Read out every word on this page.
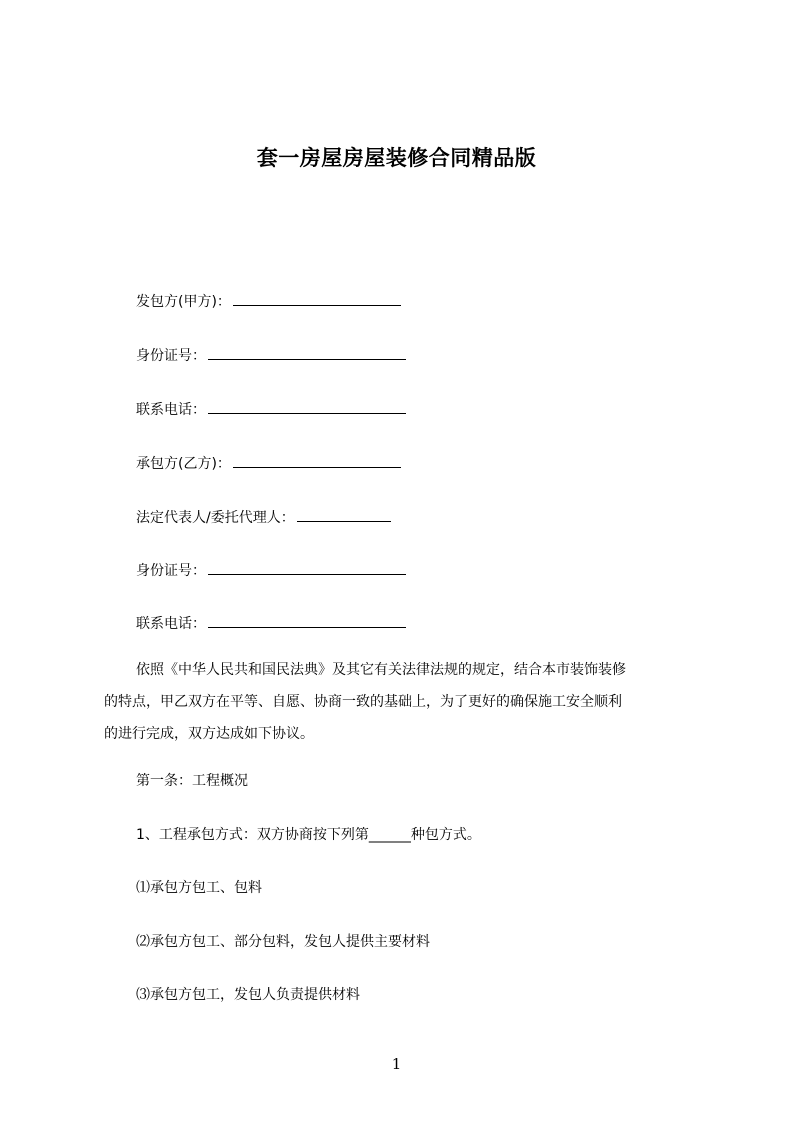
套一房屋房屋装修合同精品版
发包方(甲方)：
身份证号：
联系电话：
承包方(乙方)：
法定代表人/委托代理人：
身份证号：
联系电话：
依照《中华人民共和国民法典》及其它有关法律法规的规定，结合本市装饰装修
的特点，甲乙双方在平等、自愿、协商一致的基础上，为了更好的确保施工安全顺利
的进行完成，双方达成如下协议。
第一条：工程概况
1、工程承包方式：双方协商按下列第______种包方式。
⑴承包方包工、包料
⑵承包方包工、部分包料，发包人提供主要材料
⑶承包方包工，发包人负责提供材料
1
